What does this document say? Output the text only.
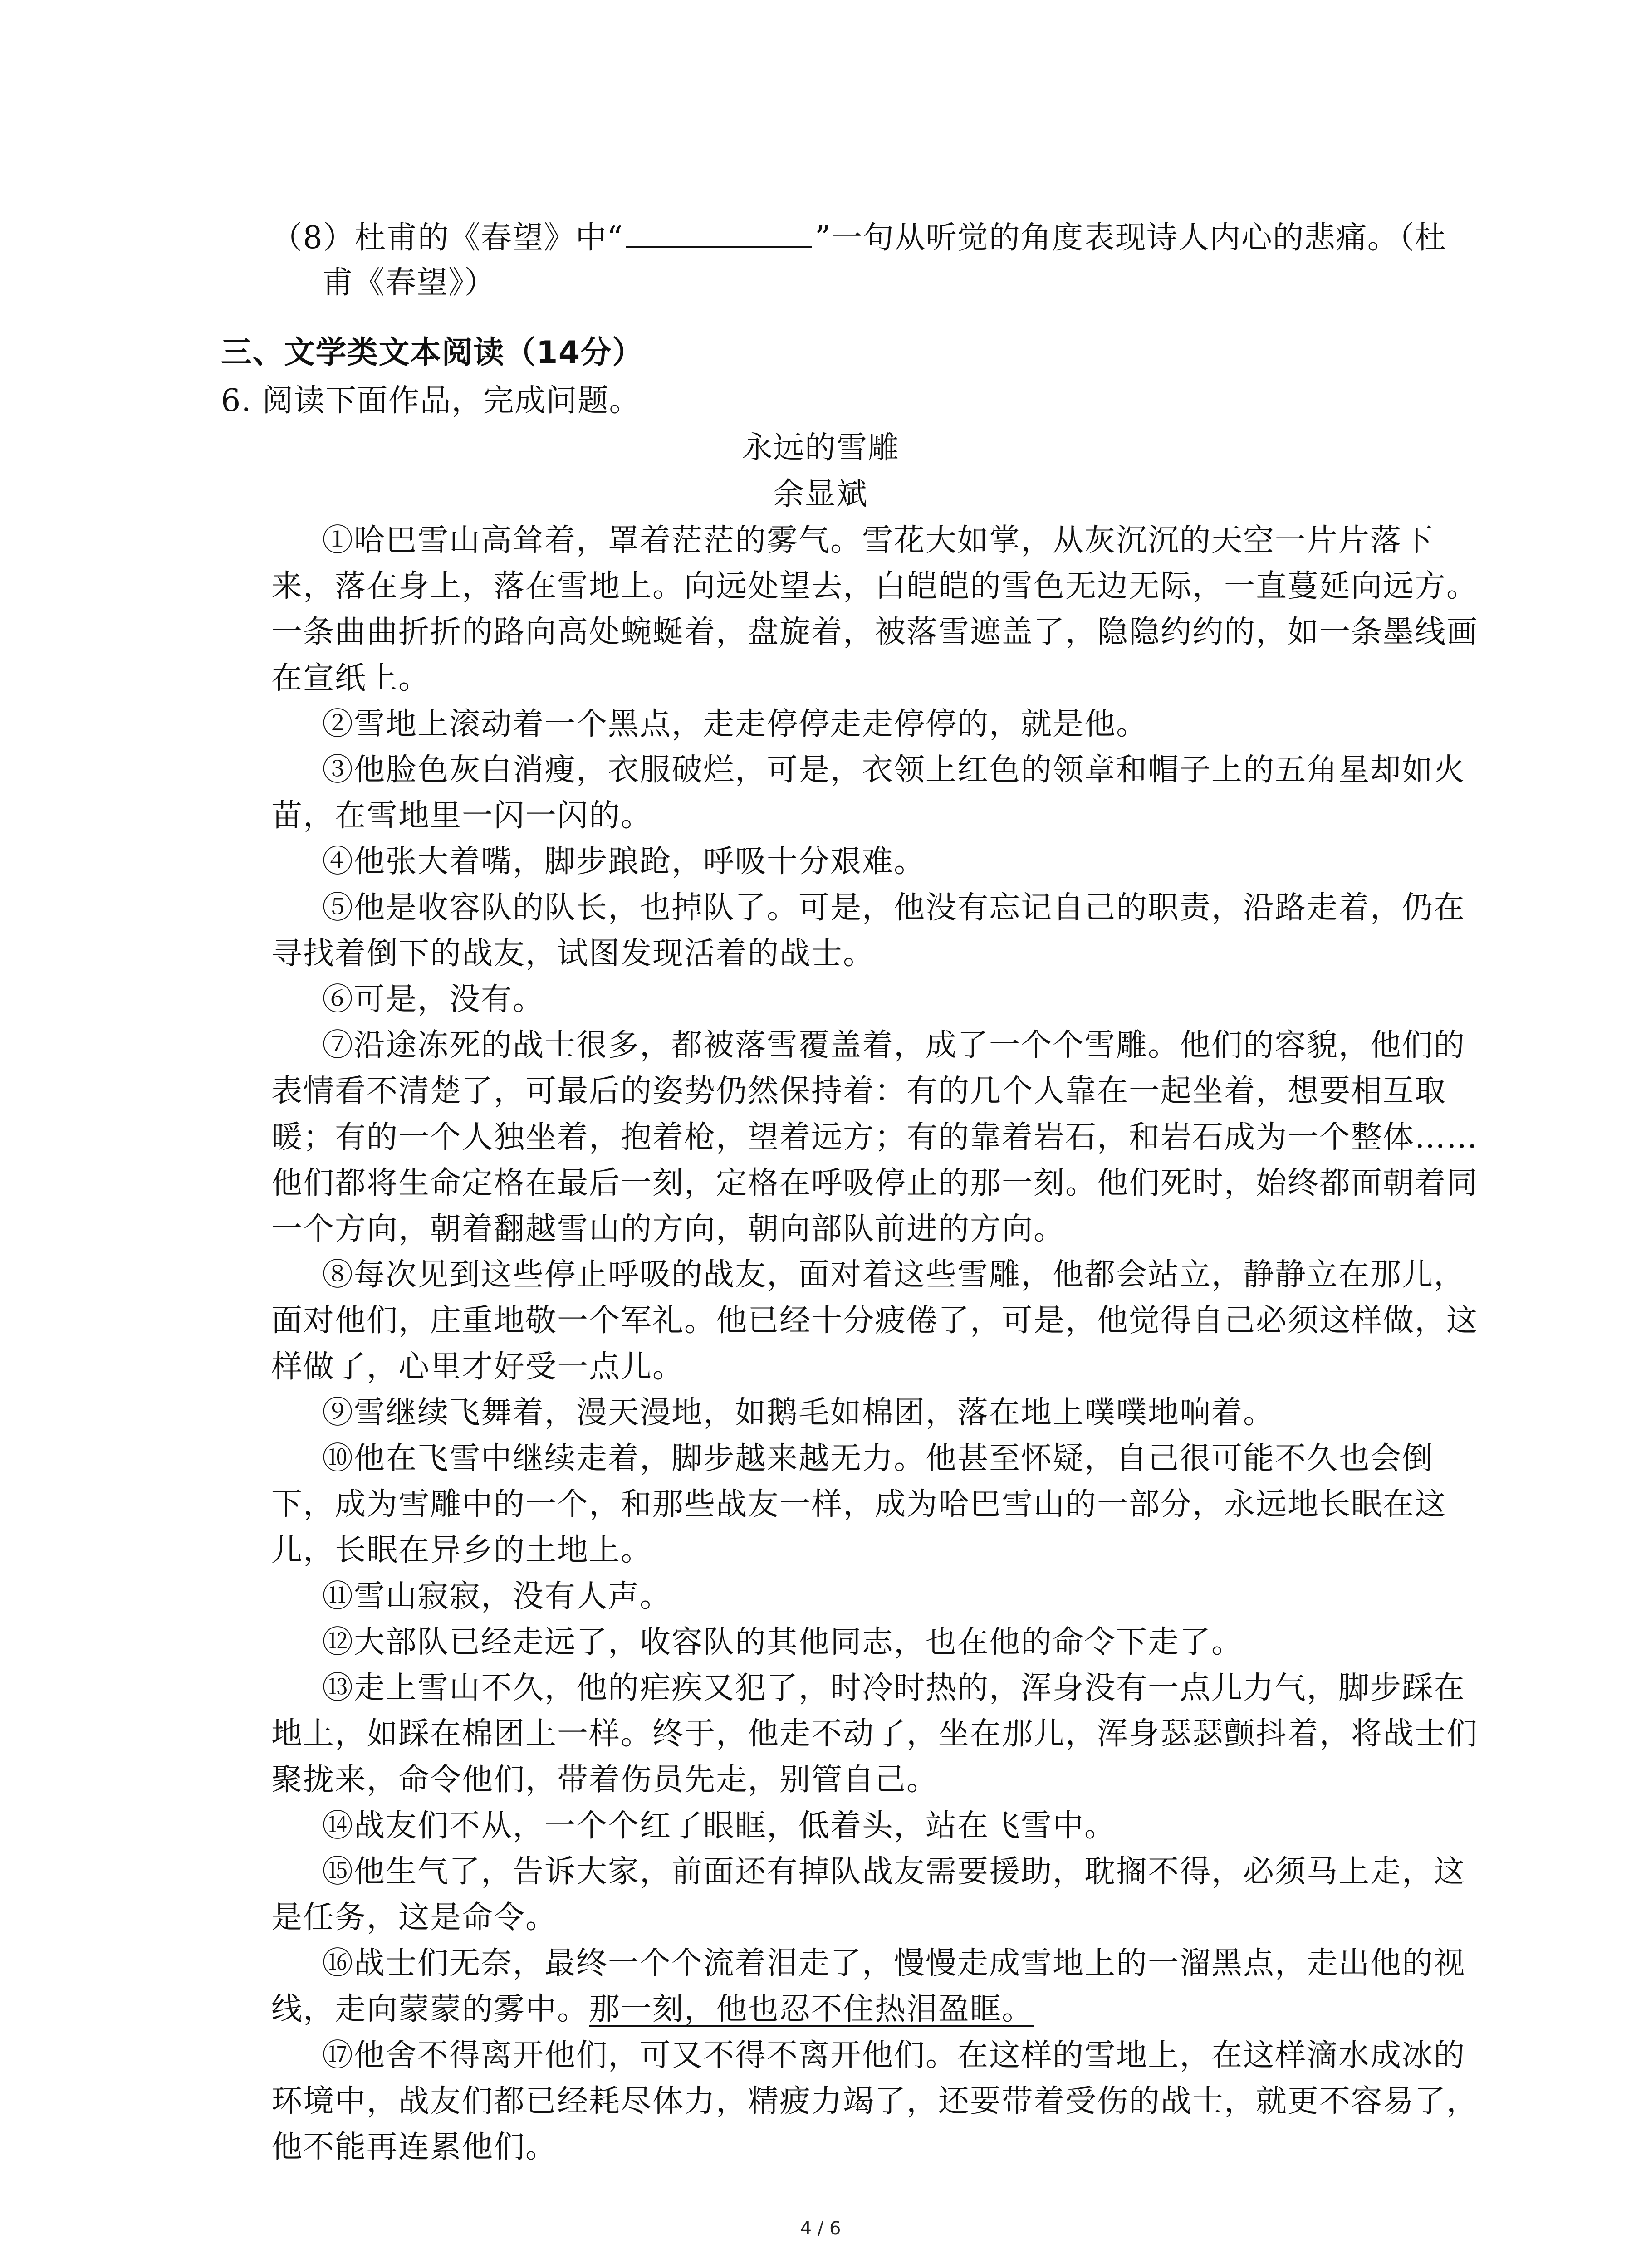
（8）杜甫的《春望》中“	”一句从听觉的角度表现诗人内心的悲痛。（杜
甫《春望》）
三、文学类文本阅读（14分）
6. 阅读下面作品，完成问题。
永远的雪雕
余显斌
①哈巴雪山高耸着，罩着茫茫的雾气。雪花大如掌，从灰沉沉的天空一片片落下
来，落在身上，落在雪地上。向远处望去，白皑皑的雪色无边无际，一直蔓延向远方。
一条曲曲折折的路向高处蜿蜒着，盘旋着，被落雪遮盖了，隐隐约约的，如一条墨线画
在宣纸上。
②雪地上滚动着一个黑点，走走停停走走停停的，就是他。
③他脸色灰白消瘦，衣服破烂，可是，衣领上红色的领章和帽子上的五角星却如火
苗，在雪地里一闪一闪的。
④他张大着嘴，脚步踉跄，呼吸十分艰难。
⑤他是收容队的队长，也掉队了。可是，他没有忘记自己的职责，沿路走着，仍在
寻找着倒下的战友，试图发现活着的战士。
⑥可是，没有。
⑦沿途冻死的战士很多，都被落雪覆盖着，成了一个个雪雕。他们的容貌，他们的
表情看不清楚了，可最后的姿势仍然保持着：有的几个人靠在一起坐着，想要相互取
暖；有的一个人独坐着，抱着枪，望着远方；有的靠着岩石，和岩石成为一个整体……
他们都将生命定格在最后一刻，定格在呼吸停止的那一刻。他们死时，始终都面朝着同
一个方向，朝着翻越雪山的方向，朝向部队前进的方向。
⑧每次见到这些停止呼吸的战友，面对着这些雪雕，他都会站立，静静立在那儿，
面对他们，庄重地敬一个军礼。他已经十分疲倦了，可是，他觉得自己必须这样做，这
样做了，心里才好受一点儿。
⑨雪继续飞舞着，漫天漫地，如鹅毛如棉团，落在地上噗噗地响着。
⑩他在飞雪中继续走着，脚步越来越无力。他甚至怀疑，自己很可能不久也会倒
下，成为雪雕中的一个，和那些战友一样，成为哈巴雪山的一部分，永远地长眠在这
儿，长眠在异乡的土地上。
⑪雪山寂寂，没有人声。
⑫大部队已经走远了，收容队的其他同志，也在他的命令下走了。
⑬走上雪山不久，他的疟疾又犯了，时冷时热的，浑身没有一点儿力气，脚步踩在
地上，如踩在棉团上一样。终于，他走不动了，坐在那儿，浑身瑟瑟颤抖着，将战士们
聚拢来，命令他们，带着伤员先走，别管自己。
⑭战友们不从，一个个红了眼眶，低着头，站在飞雪中。
⑮他生气了，告诉大家，前面还有掉队战友需要援助，耽搁不得，必须马上走，这
是任务，这是命令。
⑯战士们无奈，最终一个个流着泪走了，慢慢走成雪地上的一溜黑点，走出他的视
线，走向蒙蒙的雾中。那一刻，他也忍不住热泪盈眶。
⑰他舍不得离开他们，可又不得不离开他们。在这样的雪地上，在这样滴水成冰的
环境中，战友们都已经耗尽体力，精疲力竭了，还要带着受伤的战士，就更不容易了，
他不能再连累他们。
4 / 6
